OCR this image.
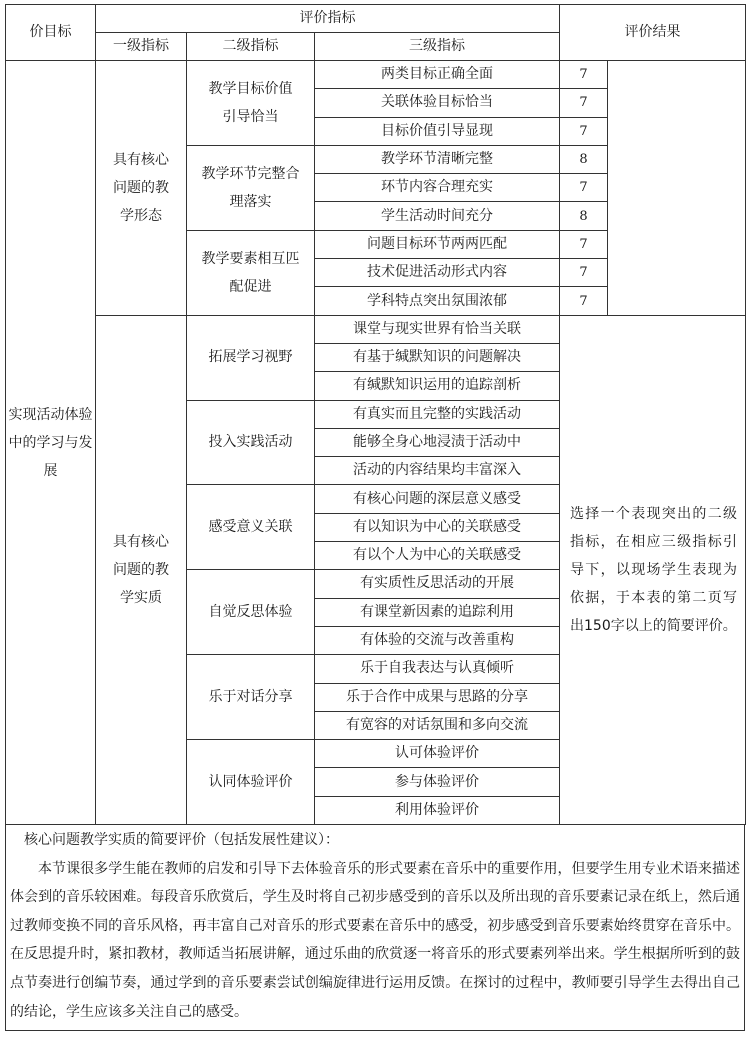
价目标	评价指标			评价结果	
	一级指标	二级指标	三级指标		

实现活动体验中的学习与发展	具有核心问题的教学形态	教学目标价值引导恰当	两类目标正确全面	7	
			关联体验目标恰当	7	
			目标价值引导显现	7	

		教学环节完整合理落实	教学环节清晰完整	8	
			环节内容合理充实	7	
			学生活动时间充分	8	

		教学要素相互匹配促进	问题目标环节两两匹配	7	
			技术促进活动形式内容	7	
			学科特点突出氛围浓郁	7	

	具有核心问题的教学实质	拓展学习视野	课堂与现实世界有恰当关联	选择一个表现突出的二级指标，在相应三级指标引导下，以现场学生表现为依据，于本表的第二页写出150字以上的简要评价。	

			有基于缄默知识的问题解决		
			有缄默知识运用的追踪剖析		
		投入实践活动	有真实而且完整的实践活动		
			能够全身心地浸渍于活动中		
			活动的内容结果均丰富深入		
		感受意义关联	有核心问题的深层意义感受		
			有以知识为中心的关联感受		
			有以个人为中心的关联感受		
		自觉反思体验	有实质性反思活动的开展		
			有课堂新因素的追踪利用		
			有体验的交流与改善重构		
		乐于对话分享	乐于自我表达与认真倾听		
			乐于合作中成果与思路的分享		
			有宽容的对话氛围和多向交流		
		认同体验评价	认可体验评价		
			参与体验评价		
			利用体验评价		
核心问题教学实质的简要评价（包括发展性建议）：
本节课很多学生能在教师的启发和引导下去体验音乐的形式要素在音乐中的重要作用，但要学生用专业术语来描述体会到的音乐较困难。每段音乐欣赏后，学生及时将自己初步感受到的音乐以及所出现的音乐要素记录在纸上，然后通过教师变换不同的音乐风格，再丰富自己对音乐的形式要素在音乐中的感受，初步感受到音乐要素始终贯穿在音乐中。在反思提升时，紧扣教材，教师适当拓展讲解，通过乐曲的欣赏逐一将音乐的形式要素列举出来。学生根据所听到的鼓点节奏进行创编节奏，通过学到的音乐要素尝试创编旋律进行运用反馈。在探讨的过程中，教师要引导学生去得出自己的结论，学生应该多关注自己的感受。
